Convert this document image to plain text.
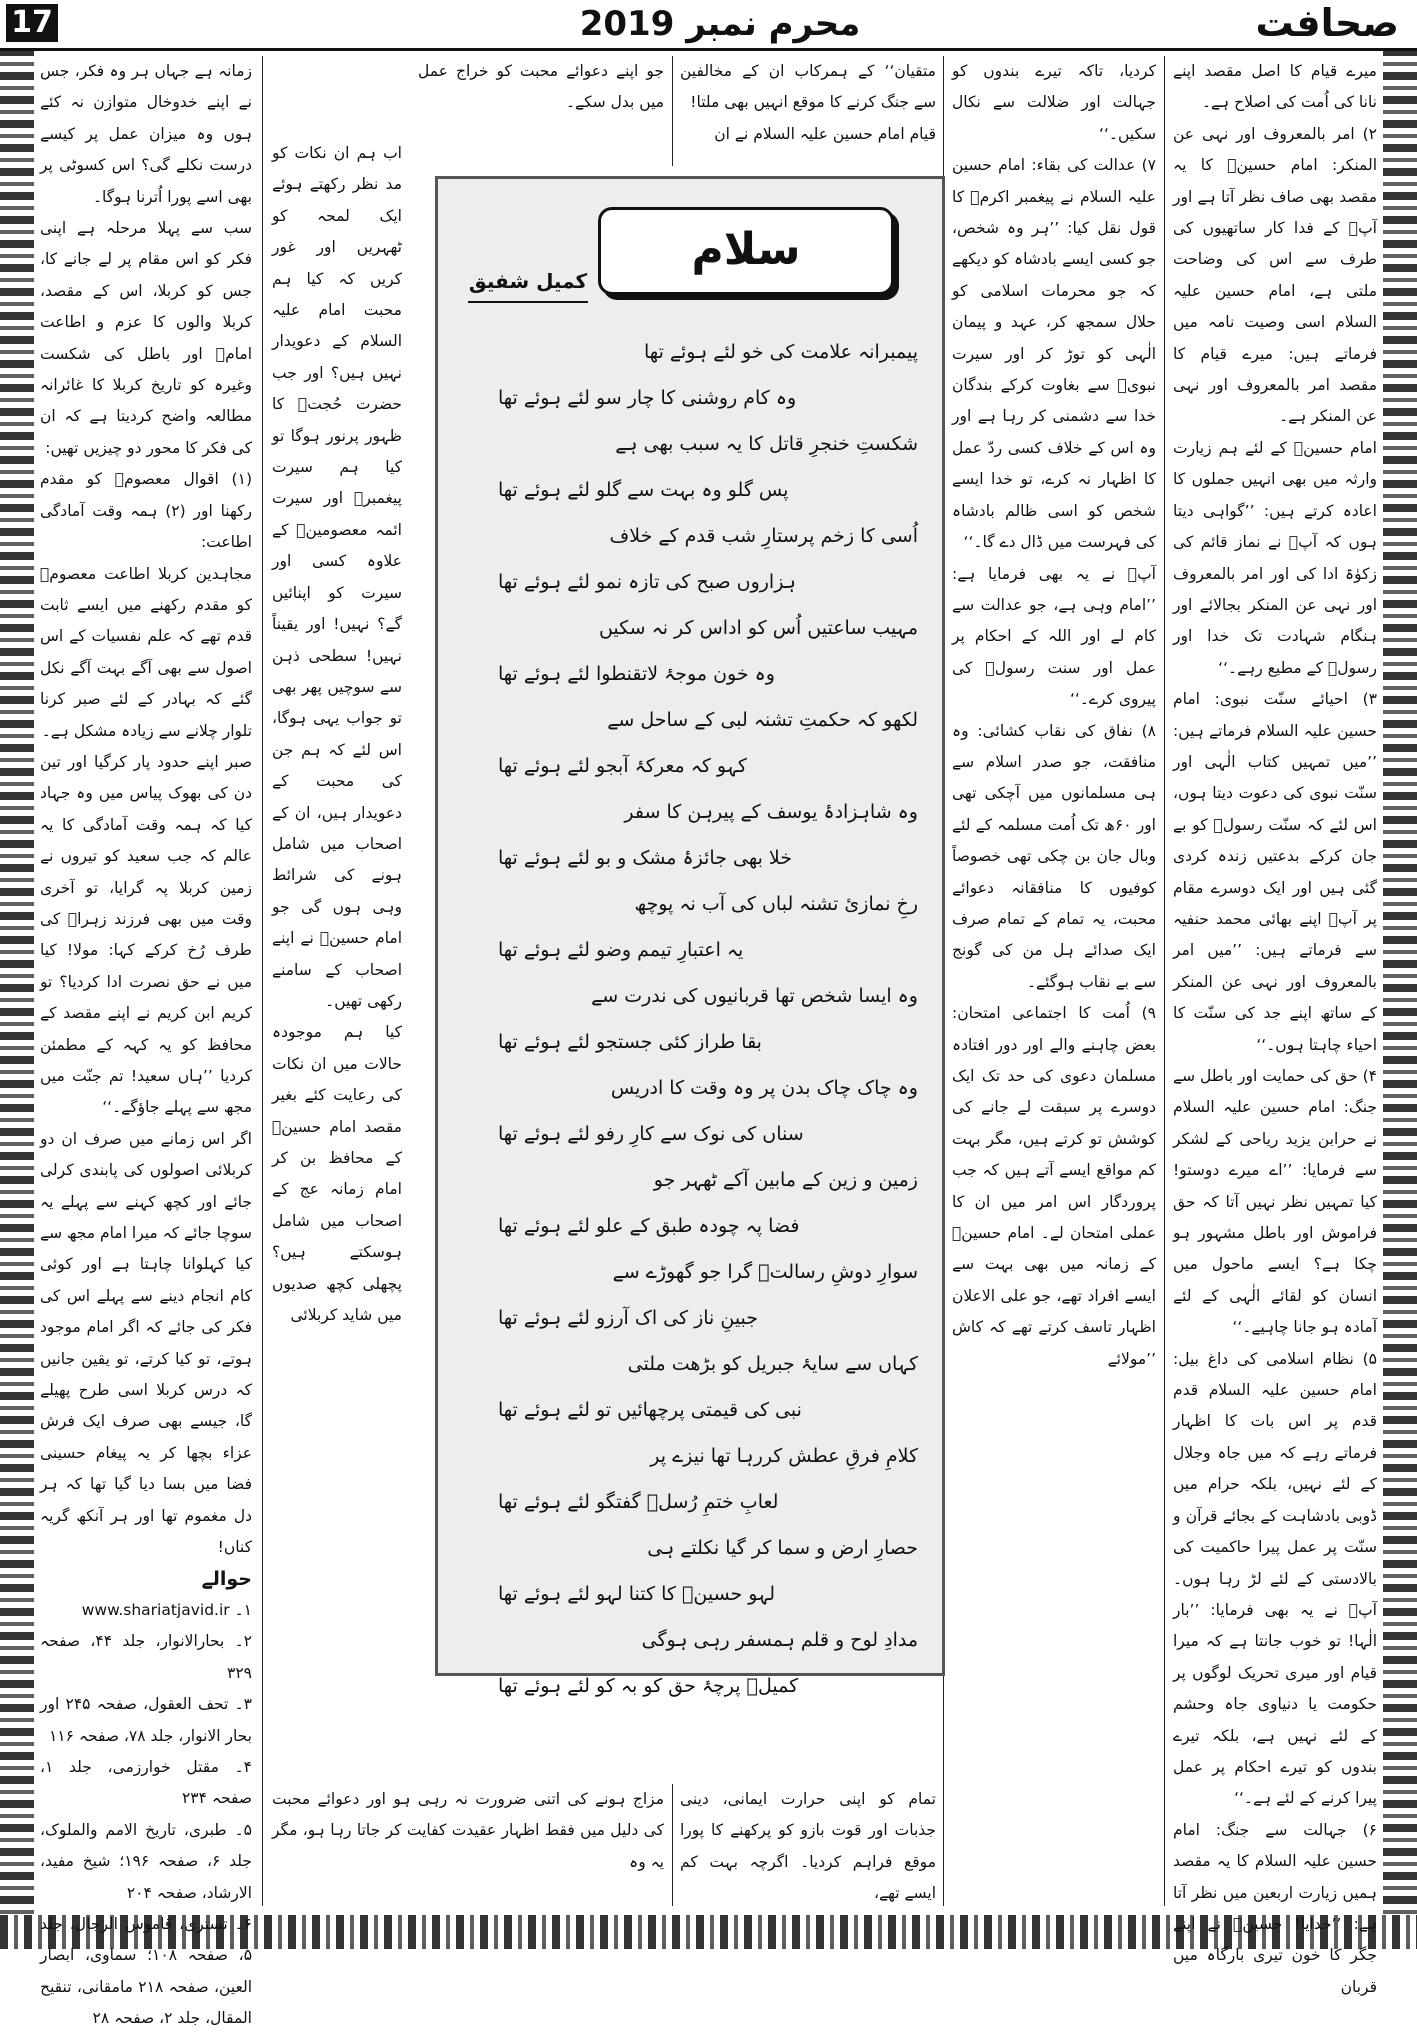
17	محرم نمبر 2019	صحافت

میرے قیام کا اصل مقصد اپنے نانا کی اُمت کی اصلاح ہے۔

۲) امر بالمعروف اور نہی عن المنکر: امام حسینؑ کا یہ مقصد بھی صاف نظر آتا ہے اور آپؑ کے فدا کار ساتھیوں کی طرف سے اس کی وضاحت ملتی ہے، امام حسین علیہ السلام اسی وصیت نامہ میں فرماتے ہیں: میرے قیام کا مقصد امر بالمعروف اور نہی عن المنکر ہے۔

امام حسینؑ کے لئے ہم زیارت وارثہ میں بھی انہیں جملوں کا اعادہ کرتے ہیں: ’’گواہی دیتا ہوں کہ آپؑ نے نماز قائم کی زکوٰۃ ادا کی اور امر بالمعروف اور نہی عن المنکر بجالائے اور ہنگام شہادت تک خدا اور رسولؐ کے مطیع رہے۔‘‘

۳) احیائے سنّت نبوی: امام حسین علیہ السلام فرماتے ہیں: ’’میں تمہیں کتاب الٰہی اور سنّت نبوی کی دعوت دیتا ہوں، اس لئے کہ سنّت رسولؐ کو بے جان کرکے بدعتیں زندہ کردی گئی ہیں اور ایک دوسرے مقام پر آپؑ اپنے بھائی محمد حنفیہ سے فرماتے ہیں: ’’میں امر بالمعروف اور نہی عن المنکر کے ساتھ اپنے جد کی سنّت کا احیاء چاہتا ہوں۔‘‘

۴) حق کی حمایت اور باطل سے جنگ: امام حسین علیہ السلام نے حرابن یزید ریاحی کے لشکر سے فرمایا: ’’اے میرے دوستو! کیا تمہیں نظر نہیں آتا کہ حق فراموش اور باطل مشہور ہو چکا ہے؟ ایسے ماحول میں انسان کو لقائے الٰہی کے لئے آمادہ ہو جانا چاہیے۔‘‘

۵) نظام اسلامی کی داغ بیل: امام حسین علیہ السلام قدم قدم پر اس بات کا اظہار فرماتے رہے کہ میں جاہ وجلال کے لئے نہیں، بلکہ حرام میں ڈوبی بادشاہت کے بجائے قرآن و سنّت پر عمل پیرا حاکمیت کی بالادستی کے لئے لڑ رہا ہوں۔ آپؑ نے یہ بھی فرمایا: ’’بار الٰہا! تو خوب جانتا ہے کہ میرا قیام اور میری تحریک لوگوں پر حکومت یا دنیاوی جاہ وحشم کے لئے نہیں ہے، بلکہ تیرے بندوں کو تیرے احکام پر عمل پیرا کرنے کے لئے ہے۔‘‘

۶) جہالت سے جنگ: امام حسین علیہ السلام کا یہ مقصد ہمیں زیارت اربعین میں نظر آتا ہے: ’’خدایا! حسینؑ نے اپنے جگر کا خون تیری بارگاہ میں قربان

کردیا، تاکہ تیرے بندوں کو جہالت اور ضلالت سے نکال سکیں۔‘‘

۷) عدالت کی بقاء: امام حسین علیہ السلام نے پیغمبر اکرمؐ کا قول نقل کیا: ’’ہر وہ شخص، جو کسی ایسے بادشاہ کو دیکھے کہ جو محرمات اسلامی کو حلال سمجھ کر، عہد و پیمان الٰہی کو توڑ کر اور سیرت نبویؐ سے بغاوت کرکے بندگان خدا سے دشمنی کر رہا ہے اور وہ اس کے خلاف کسی ردّ عمل کا اظہار نہ کرے، تو خدا ایسے شخص کو اسی ظالم بادشاہ کی فہرست میں ڈال دے گا۔‘‘

آپؑ نے یہ بھی فرمایا ہے: ’’امام وہی ہے، جو عدالت سے کام لے اور اللہ کے احکام پر عمل اور سنت رسولؐ کی پیروی کرے۔‘‘

۸) نفاق کی نقاب کشائی: وہ منافقت، جو صدر اسلام سے ہی مسلمانوں میں آچکی تھی اور ۶۰ھ تک اُمت مسلمہ کے لئے وبال جان بن چکی تھی خصوصاً کوفیوں کا منافقانہ دعوائے محبت، یہ تمام کے تمام صرف ایک صدائے ہل من کی گونج سے بے نقاب ہوگئے۔

۹) اُمت کا اجتماعی امتحان: بعض چاہنے والے اور دور افتادہ مسلمان دعوی کی حد تک ایک دوسرے پر سبقت لے جانے کی کوشش تو کرتے ہیں، مگر بہت کم مواقع ایسے آتے ہیں کہ جب پروردگار اس امر میں ان کا عملی امتحان لے۔ امام حسینؑ کے زمانہ میں بھی بہت سے ایسے افراد تھے، جو علی الاعلان اظہار تاسف کرتے تھے کہ کاش ’’مولائے

متقیان‘‘ کے ہمرکاب ان کے مخالفین سے جنگ کرنے کا موقع انہیں بھی ملتا!

قیام امام حسین علیہ السلام نے ان

تمام کو اپنی حرارت ایمانی، دینی جذبات اور قوت بازو کو پرکھنے کا پورا موقع فراہم کردیا۔ اگرچہ بہت کم ایسے تھے،

جو اپنے دعوائے محبت کو خراج عمل میں بدل سکے۔

اب ہم ان نکات کو مد نظر رکھتے ہوئے ایک لمحہ کو ٹھہریں اور غور کریں کہ کیا ہم محبت امام علیہ السلام کے دعویدار نہیں ہیں؟ اور جب حضرت حُجتؑ کا ظہور پرنور ہوگا تو کیا ہم سیرت پیغمبرؐ اور سیرت ائمہ معصومینؑ کے علاوہ کسی اور سیرت کو اپنائیں گے؟ نہیں! اور یقیناً نہیں! سطحی ذہن سے سوچیں پھر بھی تو جواب یہی ہوگا، اس لئے کہ ہم جن کی محبت کے دعویدار ہیں، ان کے اصحاب میں شامل ہونے کی شرائط وہی ہوں گی جو امام حسینؑ نے اپنے اصحاب کے سامنے رکھی تھیں۔

کیا ہم موجودہ حالات میں ان نکات کی رعایت کئے بغیر مقصد امام حسینؑ کے محافظ بن کر امام زمانہ عج کے اصحاب میں شامل ہوسکتے ہیں؟ پچھلی کچھ صدیوں میں شاید کربلائی

مزاج ہونے کی اتنی ضرورت نہ رہی ہو اور دعوائے محبت کی دلیل میں فقط اظہار عقیدت کفایت کر جاتا رہا ہو، مگر یہ وہ

زمانہ ہے جہاں ہر وہ فکر، جس نے اپنے خدوخال متوازن نہ کئے ہوں وہ میزان عمل پر کیسے درست نکلے گی؟ اس کسوٹی پر بھی اسے پورا اُترنا ہوگا۔

سب سے پہلا مرحلہ ہے اپنی فکر کو اس مقام پر لے جانے کا، جس کو کربلا، اس کے مقصد، کربلا والوں کا عزم و اطاعت امامؑ اور باطل کی شکست وغیرہ کو تاریخ کربلا کا غائرانہ مطالعہ واضح کردیتا ہے کہ ان کی فکر کا محور دو چیزیں تھیں:

(۱) اقوال معصومؑ کو مقدم رکھنا اور (۲) ہمہ وقت آمادگی اطاعت:

مجاہدین کربلا اطاعت معصومؑ کو مقدم رکھنے میں ایسے ثابت قدم تھے کہ علم نفسیات کے اس اصول سے بھی آگے بہت آگے نکل گئے کہ بہادر کے لئے صبر کرنا تلوار چلانے سے زیادہ مشکل ہے۔

صبر اپنے حدود پار کرگیا اور تین دن کی بھوک پیاس میں وہ جہاد کیا کہ ہمہ وقت آمادگی کا یہ عالم کہ جب سعید کو تیروں نے زمین کربلا پہ گرایا، تو آخری وقت میں بھی فرزند زہراؑ کی طرف رُخ کرکے کہا: مولا! کیا میں نے حق نصرت ادا کردیا؟ تو کریم ابن کریم نے اپنے مقصد کے محافظ کو یہ کہہ کے مطمئن کردیا ’’ہاں سعید! تم جنّت میں مجھ سے پہلے جاؤگے۔‘‘

اگر اس زمانے میں صرف ان دو کربلائی اصولوں کی پابندی کرلی جائے اور کچھ کہنے سے پہلے یہ سوچا جائے کہ میرا امام مجھ سے کیا کہلوانا چاہتا ہے اور کوئی کام انجام دینے سے پہلے اس کی فکر کی جائے کہ اگر امام موجود ہوتے، تو کیا کرتے، تو یقین جانیں کہ درس کربلا اسی طرح پھیلے گا، جیسے بھی صرف ایک فرش عزاء بچھا کر یہ پیغام حسینی فضا میں بسا دیا گیا تھا کہ ہر دل مغموم تھا اور ہر آنکھ گریہ کناں!

حوالے

۱۔ www.shariatjavid.ir

۲۔ بحارالانوار، جلد ۴۴، صفحہ ۳۲۹

۳۔ تحف العقول، صفحہ ۲۴۵ اور بحار الانوار، جلد ۷۸، صفحہ ۱۱۶

۴۔ مقتل خوارزمی، جلد ۱، صفحہ ۲۳۴

۵۔ طبری، تاریخ الامم والملوک، جلد ۶، صفحہ ۱۹۶؛ شیخ مفید، الارشاد، صفحہ ۲۰۴

۶۔ تستری، قاموس الرجال، جلد ۵، صفحہ ۱۰۸؛ سماوی، ابصار العین، صفحہ ۲۱۸ مامقانی، تنقیح المقال، جلد ۲، صفحہ ۲۸

سلام
کمیل شفیق
پیمبرانہ علامت کی خو لئے ہوئے تھا
وہ کام روشنی کا چار سو لئے ہوئے تھا
شکستِ خنجرِ قاتل کا یہ سبب بھی ہے
پس گلو وہ بہت سے گلو لئے ہوئے تھا
اُسی کا زخم پرستارِ شب قدم کے خلاف
ہزاروں صبح کی تازہ نمو لئے ہوئے تھا
مہیب ساعتیں اُس کو اداس کر نہ سکیں
وہ خون موجۂ لاتقنطوا لئے ہوئے تھا
لکھو کہ حکمتِ تشنہ لبی کے ساحل سے
کہو کہ معرکۂ آبجو لئے ہوئے تھا
وہ شاہزادۂ یوسف کے پیرہن کا سفر
خلا بھی جائزۂ مشک و بو لئے ہوئے تھا
رخِ نمازئ تشنہ لباں کی آب نہ پوچھ
یہ اعتبارِ تیمم وضو لئے ہوئے تھا
وہ ایسا شخص تھا قربانیوں کی ندرت سے
بقا طراز کئی جستجو لئے ہوئے تھا
وہ چاک چاک بدن پر وہ وقت کا ادریس
سناں کی نوک سے کارِ رفو لئے ہوئے تھا
زمین و زین کے مابین آکے ٹھہر جو
فضا پہ چودہ طبق کے علو لئے ہوئے تھا
سوارِ دوشِ رسالتؐ گرا جو گھوڑے سے
جبینِ ناز کی اک آرزو لئے ہوئے تھا
کہاں سے سایۂ جبریل کو بڑھت ملتی
نبی کی قیمتی پرچھائیں تو لئے ہوئے تھا
کلامِ فرقِ عطش کررہا تھا نیزے پر
لعابِ ختمِ رُسلؐ گفتگو لئے ہوئے تھا
حصارِ ارض و سما کر گیا نکلتے ہی
لہو حسینؑ کا کتنا لہو لئے ہوئے تھا
مدادِ لوح و قلم ہمسفر رہی ہوگی
کمیلؔ پرچۂ حق کو بہ کو لئے ہوئے تھا
